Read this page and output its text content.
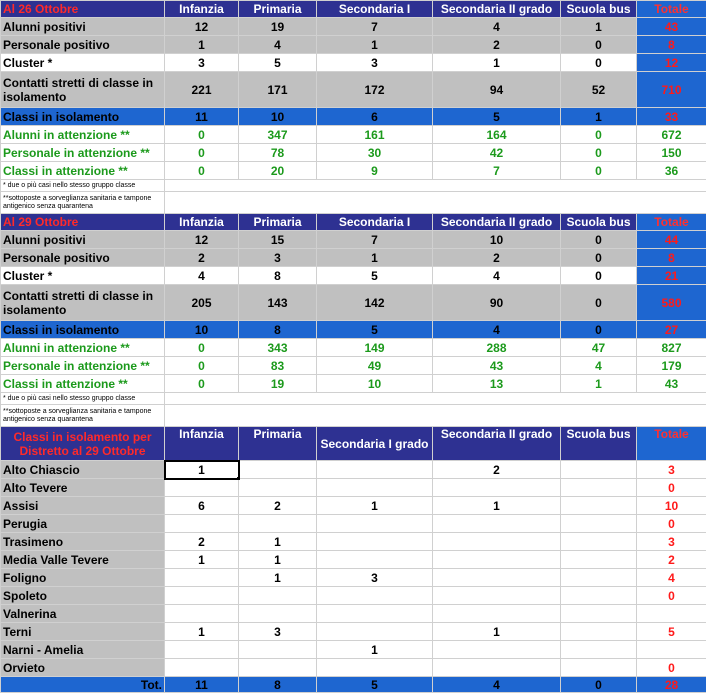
Al 26 Ottobre	Infanzia	Primaria	Secondaria I	Secondaria II grado	Scuola bus	Totale
Alunni positivi	12	19	7	4	1	43
Personale positivo	1	4	1	2	0	8
Cluster *	3	5	3	1	0	12
Contatti stretti di classe in isolamento	221	171	172	94	52	710
Classi in isolamento	11	10	6	5	1	33
Alunni in attenzione **	0	347	161	164	0	672
Personale in attenzione **	0	78	30	42	0	150
Classi in attenzione **	0	20	9	7	0	36
* due o più casi nello stesso gruppo classe						
**sottoposte a sorveglianza sanitaria e tampone antigenico senza quarantena						
Al 29 Ottobre	Infanzia	Primaria	Secondaria I	Secondaria II grado	Scuola bus	Totale
Alunni positivi	12	15	7	10	0	44
Personale positivo	2	3	1	2	0	8
Cluster *	4	8	5	4	0	21
Contatti stretti di classe in isolamento	205	143	142	90	0	580
Classi in isolamento	10	8	5	4	0	27
Alunni in attenzione **	0	343	149	288	47	827
Personale in attenzione **	0	83	49	43	4	179
Classi in attenzione **	0	19	10	13	1	43
* due o più casi nello stesso gruppo classe						
**sottoposte a sorveglianza sanitaria e tampone antigenico senza quarantena						
Classi in isolamento per Distretto al 29 Ottobre	Infanzia	Primaria	Secondaria I grado	Secondaria II grado	Scuola bus	Totale
Alto Chiascio	1			2		3
Alto Tevere						0
Assisi	6	2	1	1		10
Perugia						0
Trasimeno	2	1				3
Media Valle Tevere	1	1				2
Foligno		1	3			4
Spoleto						0
Valnerina						
Terni	1	3		1		5
Narni - Amelia			1			
Orvieto						0
Tot.	11	8	5	4	0	28
